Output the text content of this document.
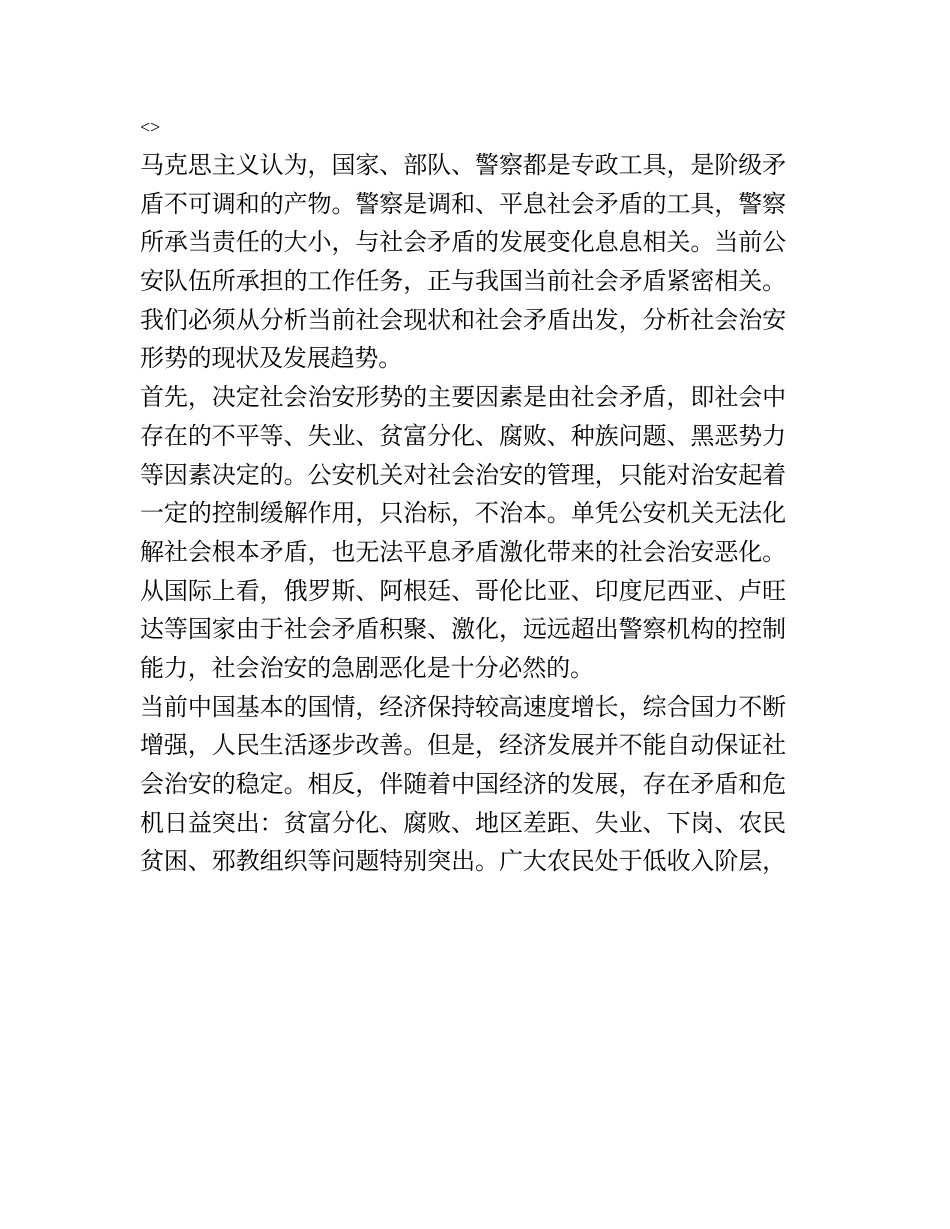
<>
马克思主义认为，国家、部队、警察都是专政工具，是阶级矛
盾不可调和的产物。警察是调和、平息社会矛盾的工具，警察
所承当责任的大小，与社会矛盾的发展变化息息相关。当前公
安队伍所承担的工作任务，正与我国当前社会矛盾紧密相关。
我们必须从分析当前社会现状和社会矛盾出发，分析社会治安
形势的现状及发展趋势。
首先，决定社会治安形势的主要因素是由社会矛盾，即社会中
存在的不平等、失业、贫富分化、腐败、种族问题、黑恶势力
等因素决定的。公安机关对社会治安的管理，只能对治安起着
一定的控制缓解作用，只治标，不治本。单凭公安机关无法化
解社会根本矛盾，也无法平息矛盾激化带来的社会治安恶化。
从国际上看，俄罗斯、阿根廷、哥伦比亚、印度尼西亚、卢旺
达等国家由于社会矛盾积聚、激化，远远超出警察机构的控制
能力，社会治安的急剧恶化是十分必然的。
当前中国基本的国情，经济保持较高速度增长，综合国力不断
增强，人民生活逐步改善。但是，经济发展并不能自动保证社
会治安的稳定。相反，伴随着中国经济的发展，存在矛盾和危
机日益突出：贫富分化、腐败、地区差距、失业、下岗、农民
贫困、邪教组织等问题特别突出。广大农民处于低收入阶层，
